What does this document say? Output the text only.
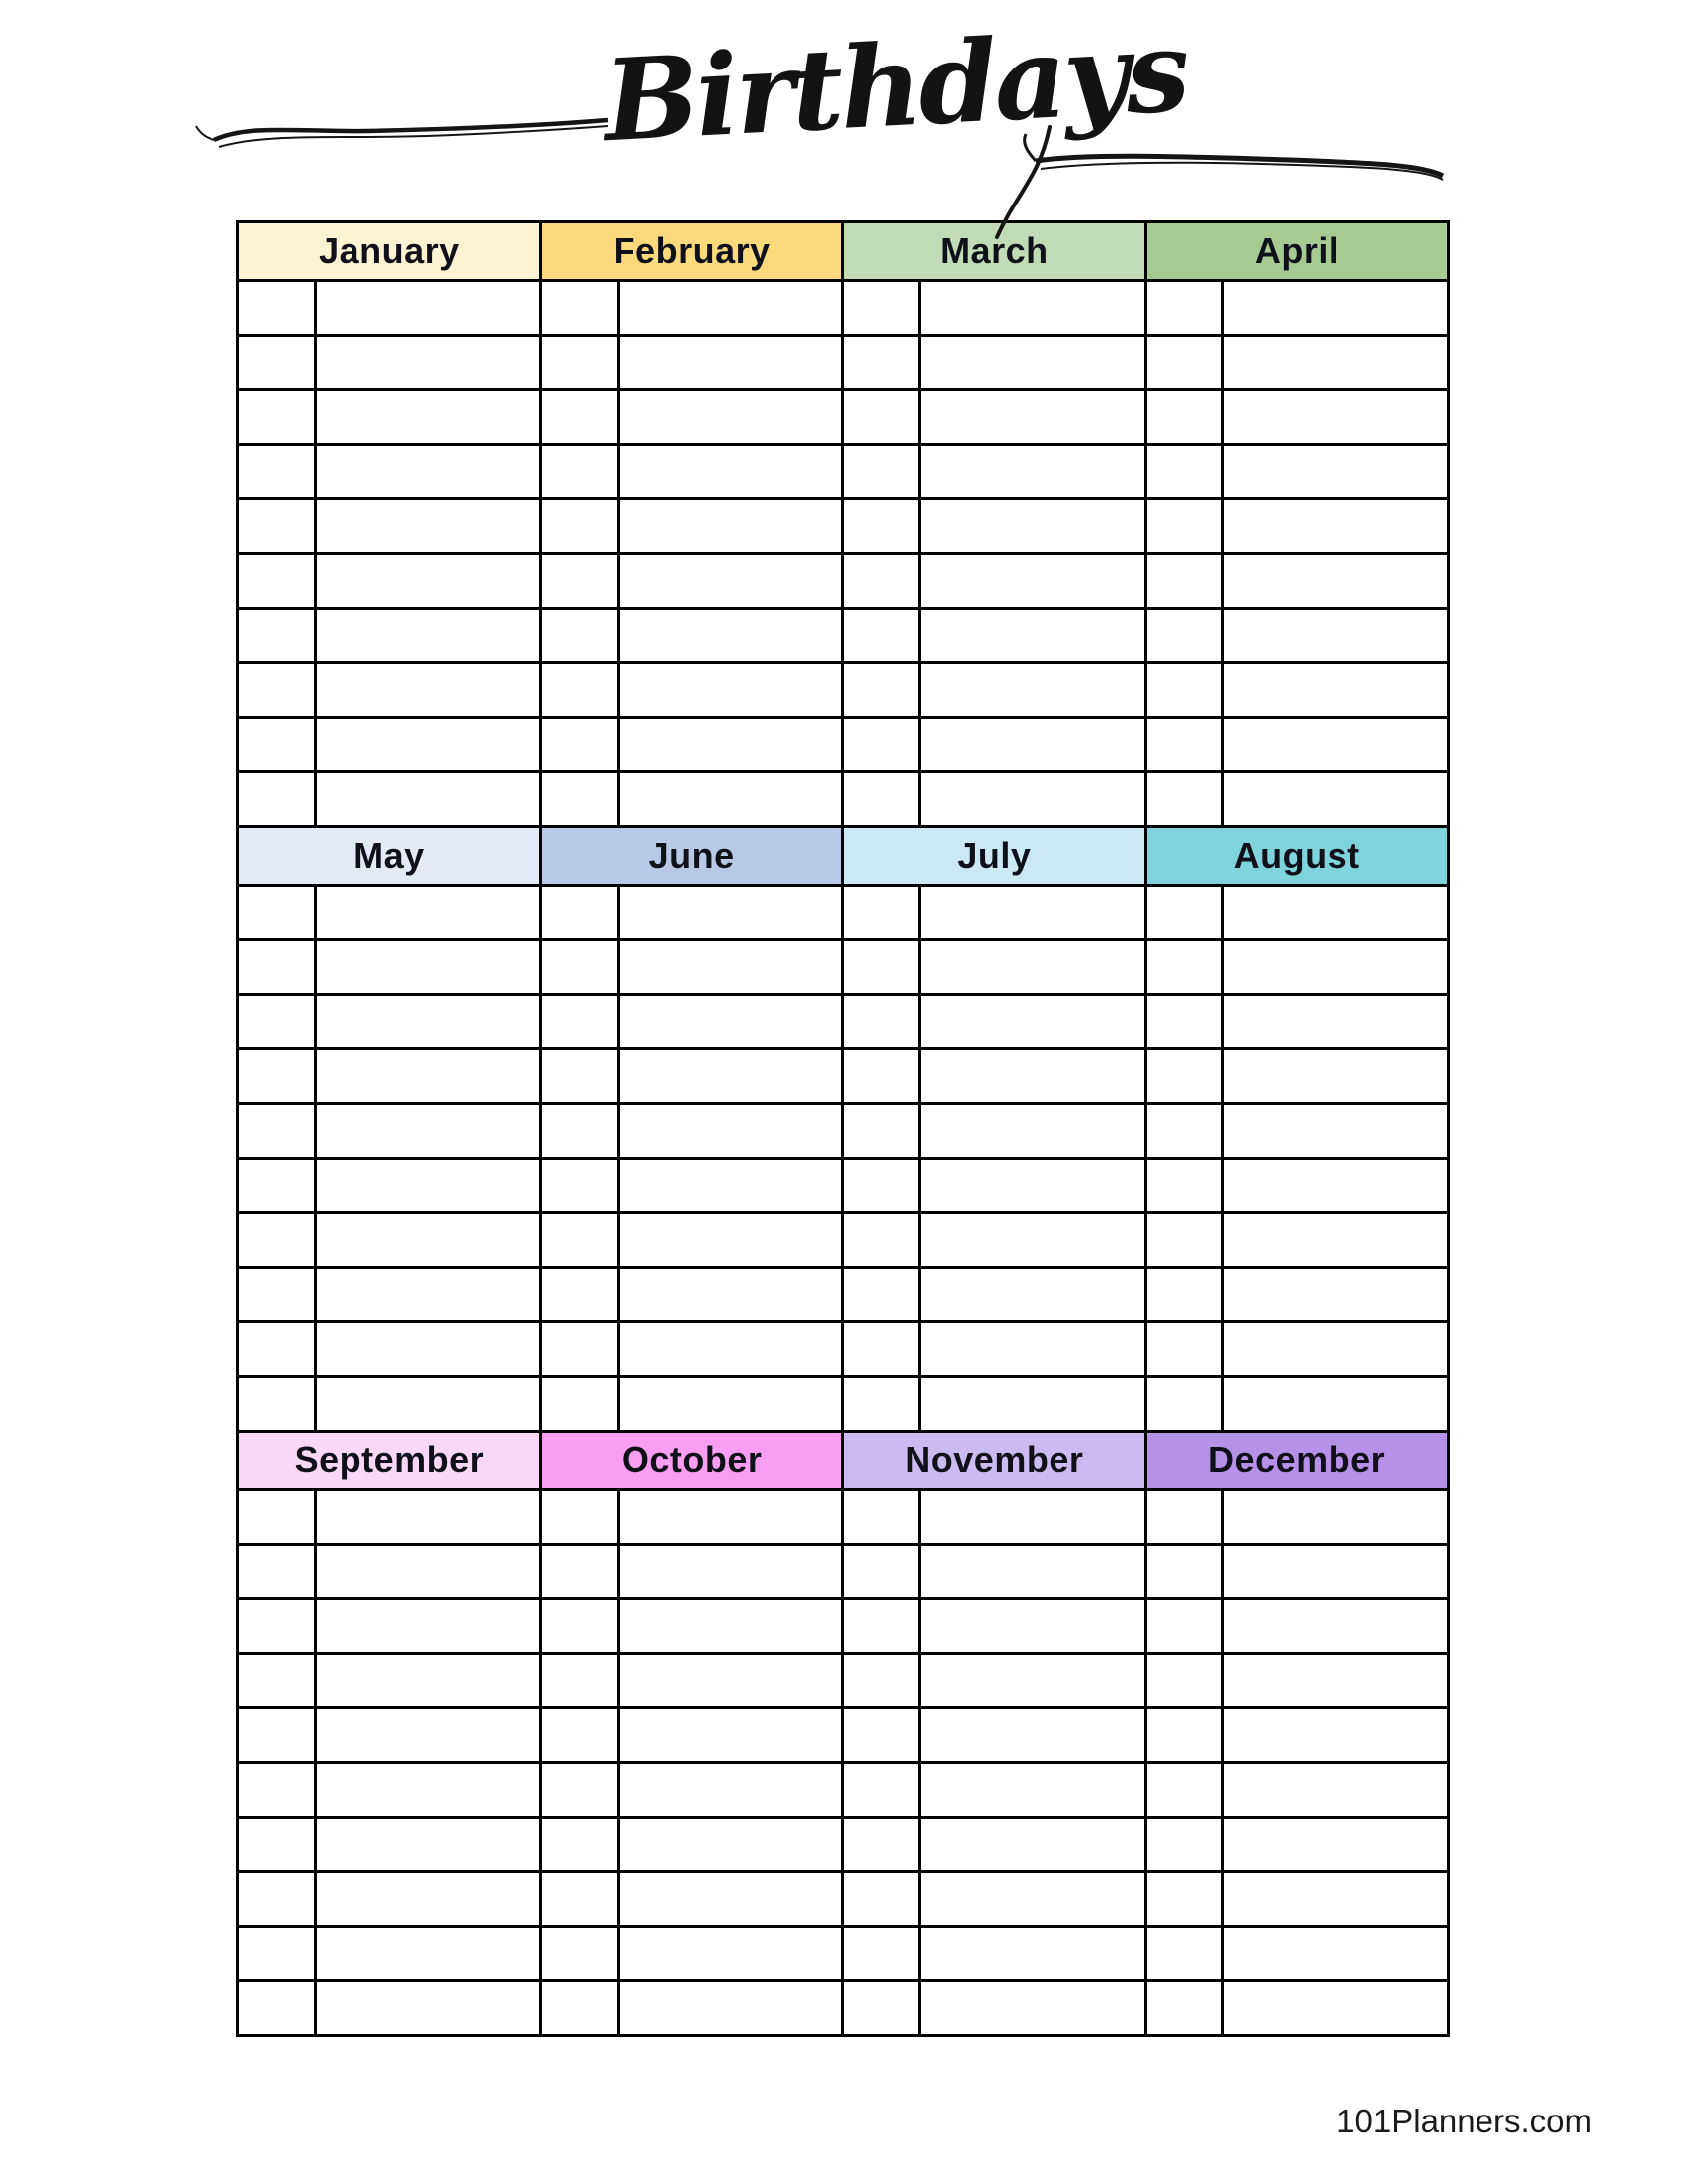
Birthdays
January		February		March		April	

May		June		July		August	

September		October		November		December	

101Planners.com
